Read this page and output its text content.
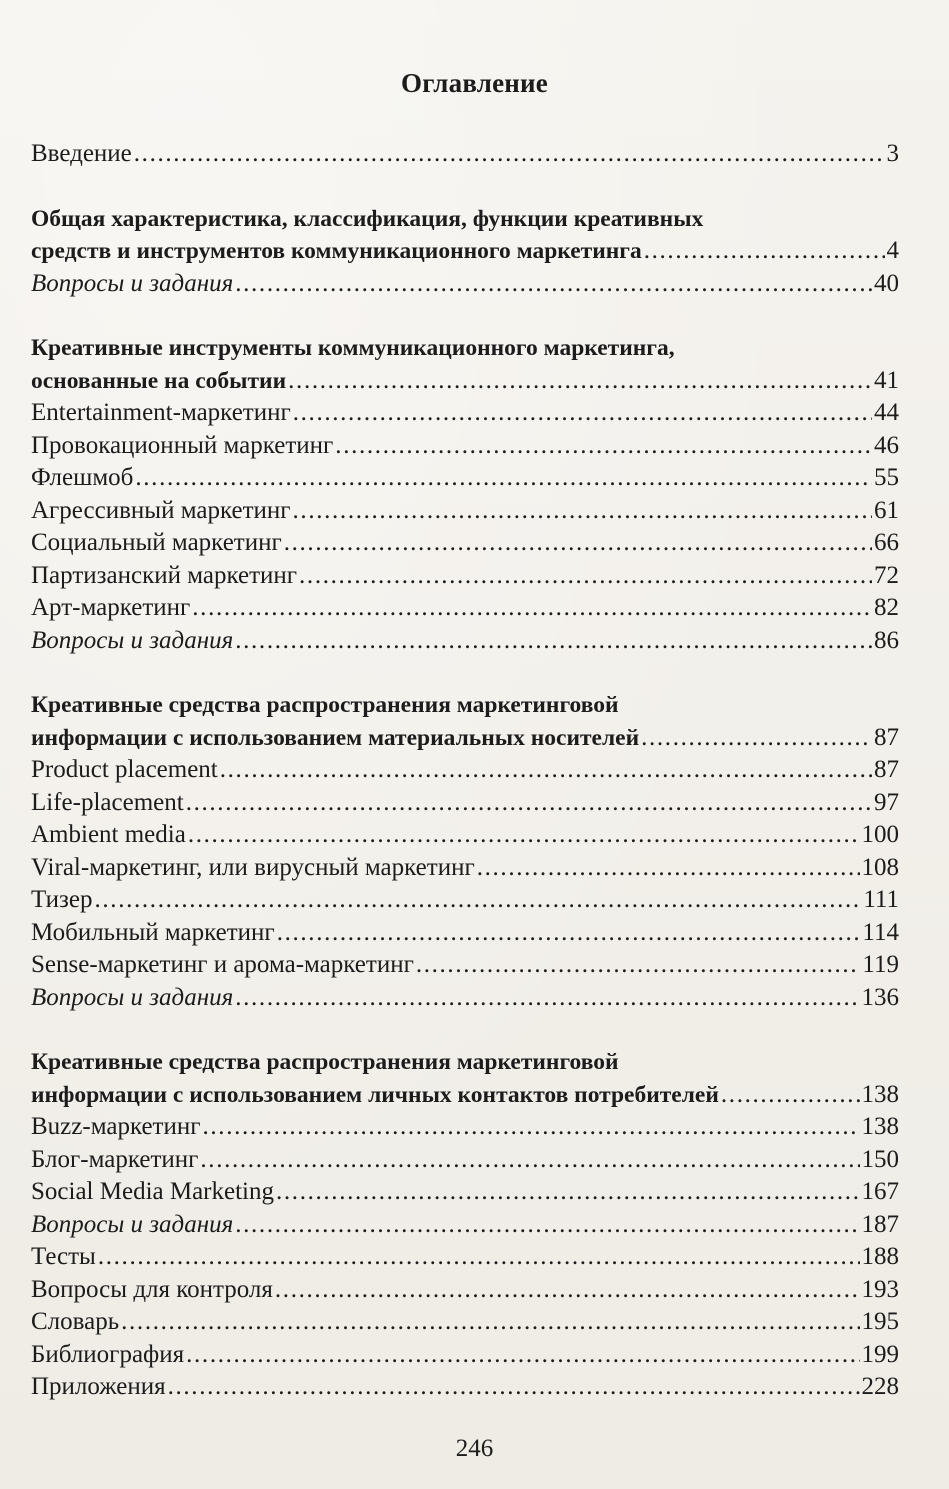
Оглавление
Введение . . .	3
Общая характеристика, классификация, функции креативных
средств и инструментов коммуникационного маркетинга . . .	4
Вопросы и задания . . .	40
Креативные инструменты коммуникационного маркетинга,
основанные на событии . . .	41
Entertainment-маркетинг . . .	44
Провокационный маркетинг . . .	46
Флешмоб . . .	55
Агрессивный маркетинг . . .	61
Социальный маркетинг . . .	66
Партизанский маркетинг . . .	72
Арт-маркетинг . . .	82
Вопросы и задания . . .	86
Креативные средства распространения маркетинговой
информации с использованием материальных носителей . . .	87
Product placement . . .	87
Life-placement . . .	97
Ambient media . . .	100
Viral-маркетинг, или вирусный маркетинг . . .	108
Тизер . . .	111
Мобильный маркетинг . . .	114
Sense-маркетинг и арома-маркетинг . . .	119
Вопросы и задания . . .	136
Креативные средства распространения маркетинговой
информации с использованием личных контактов потребителей . . .	138
Buzz-маркетинг . . .	138
Блог-маркетинг . . .	150
Social Media Marketing . . .	167
Вопросы и задания . . .	187
Тесты . . .	188
Вопросы для контроля . . .	193
Словарь . . .	195
Библиография . . .	199
Приложения . . .	228
246
